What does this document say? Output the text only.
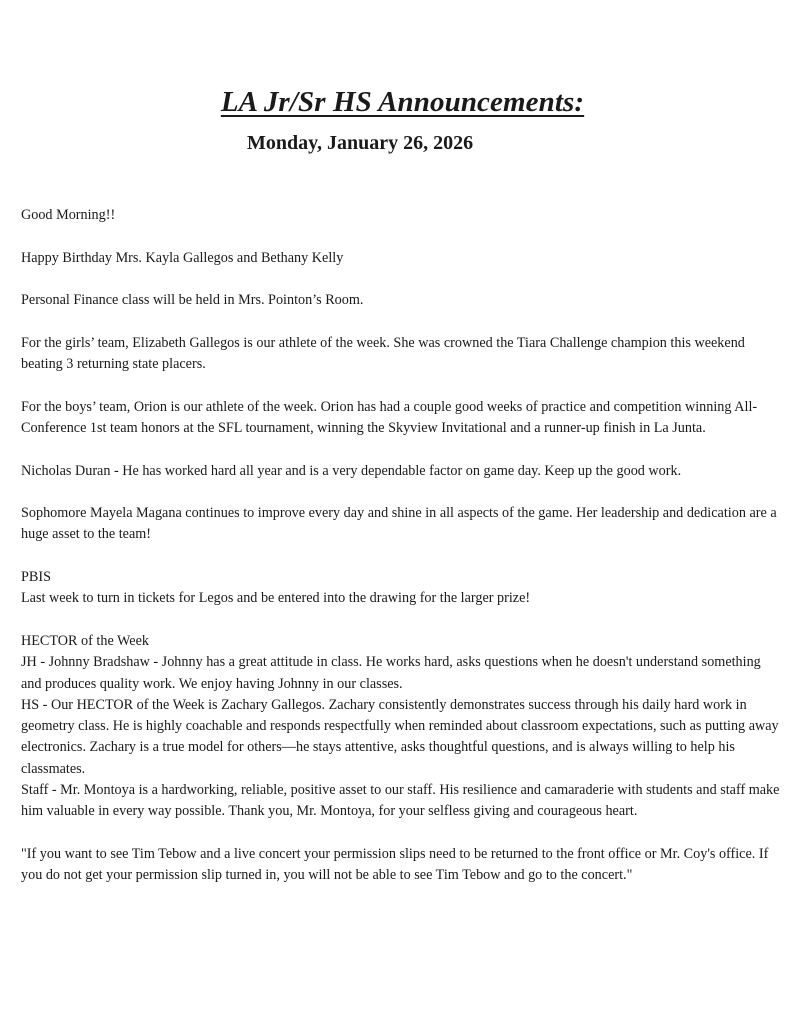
LA Jr/Sr HS Announcements:
Monday, January 26, 2026

Good Morning!!

Happy Birthday Mrs. Kayla Gallegos and Bethany Kelly

Personal Finance class will be held in Mrs. Pointon’s Room.

For the girls’ team, Elizabeth Gallegos is our athlete of the week. She was crowned the Tiara Challenge champion this weekend beating 3 returning state placers.

For the boys’ team, Orion is our athlete of the week. Orion has had a couple good weeks of practice and competition winning All-Conference 1st team honors at the SFL tournament, winning the Skyview Invitational and a runner-up finish in La Junta.

Nicholas Duran - He has worked hard all year and is a very dependable factor on game day. Keep up the good work.

Sophomore Mayela Magana continues to improve every day and shine in all aspects of the game. Her leadership and dedication are a huge asset to the team!

PBIS

Last week to turn in tickets for Legos and be entered into the drawing for the larger prize!

HECTOR of the Week

JH - Johnny Bradshaw - Johnny has a great attitude in class. He works hard, asks questions when he doesn't understand something and produces quality work. We enjoy having Johnny in our classes.

HS - Our HECTOR of the Week is Zachary Gallegos. Zachary consistently demonstrates success through his daily hard work in geometry class. He is highly coachable and responds respectfully when reminded about classroom expectations, such as putting away electronics. Zachary is a true model for others—he stays attentive, asks thoughtful questions, and is always willing to help his classmates.

Staff - Mr. Montoya is a hardworking, reliable, positive asset to our staff. His resilience and camaraderie with students and staff make him valuable in every way possible. Thank you, Mr. Montoya, for your selfless giving and courageous heart.

"If you want to see Tim Tebow and a live concert your permission slips need to be returned to the front office or Mr. Coy's office. If you do not get your permission slip turned in, you will not be able to see Tim Tebow and go to the concert."
